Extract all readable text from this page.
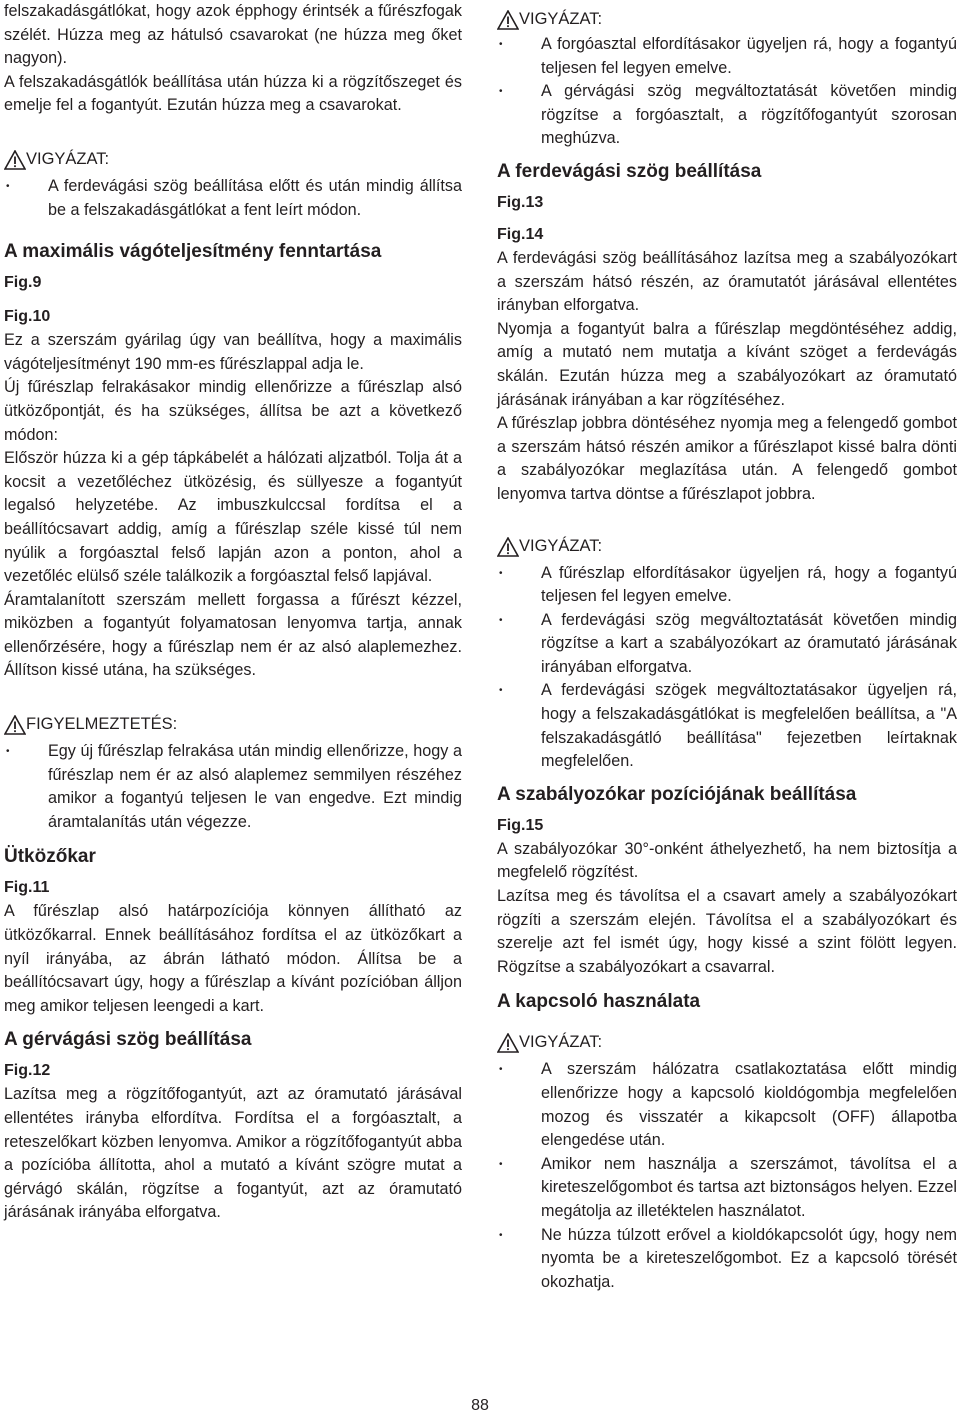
felszakadásgátlókat, hogy azok épphogy érintsék a fűrészfogak szélét. Húzza meg az hátulsó csavarokat (ne húzza meg őket nagyon).

A felszakadásgátlók beállítása után húzza ki a rögzítőszeget és emelje fel a fogantyút. Ezután húzza meg a csavarokat.

VIGYÁZAT:
• A ferdevágási szög beállítása előtt és után mindig állítsa be a felszakadásgátlókat a fent leírt módon.
A maximális vágóteljesítmény fenntartása
Fig.9
Fig.10

Ez a szerszám gyárilag úgy van beállítva, hogy a maximális vágóteljesítményt 190 mm-es fűrészlappal adja le.

Új fűrészlap felrakásakor mindig ellenőrizze a fűrészlap alsó ütközőpontját, és ha szükséges, állítsa be azt a következő módon:

Először húzza ki a gép tápkábelét a hálózati aljzatból. Tolja át a kocsit a vezetőléchez ütközésig, és süllyesze a fogantyút legalsó helyzetébe. Az imbuszkulccsal fordítsa el a beállítócsavart addig, amíg a fűrészlap széle kissé túl nem nyúlik a forgóasztal felső lapján azon a ponton, ahol a vezetőléc elülső széle találkozik a forgóasztal felső lapjával.

Áramtalanított szerszám mellett forgassa a fűrészt kézzel, miközben a fogantyút folyamatosan lenyomva tartja, annak ellenőrzésére, hogy a fűrészlap nem ér az alsó alaplemezhez. Állítson kissé utána, ha szükséges.

FIGYELMEZTETÉS:
• Egy új fűrészlap felrakása után mindig ellenőrizze, hogy a fűrészlap nem ér az alsó alaplemez semmilyen részéhez amikor a fogantyú teljesen le van engedve. Ezt mindig áramtalanítás után végezze.
Ütközőkar
Fig.11

A fűrészlap alsó határpozíciója könnyen állítható az ütközőkarral. Ennek beállításához fordítsa el az ütközőkart a nyíl irányába, az ábrán látható módon. Állítsa be a beállítócsavart úgy, hogy a fűrészlap a kívánt pozícióban álljon meg amikor teljesen leengedi a kart.

A gérvágási szög beállítása
Fig.12

Lazítsa meg a rögzítőfogantyút, azt az óramutató járásával ellentétes irányba elfordítva. Fordítsa el a forgóasztalt, a reteszelőkart közben lenyomva. Amikor a rögzítőfogantyút abba a pozícióba állította, ahol a mutató a kívánt szögre mutat a gérvágó skálán, rögzítse a fogantyút, azt az óramutató járásának irányába elforgatva.

VIGYÁZAT:
• A forgóasztal elfordításakor ügyeljen rá, hogy a fogantyú teljesen fel legyen emelve.
• A gérvágási szög megváltoztatását követően mindig rögzítse a forgóasztalt, a rögzítőfogantyút szorosan meghúzva.
A ferdevágási szög beállítása
Fig.13
Fig.14

A ferdevágási szög beállításához lazítsa meg a szabályozókart a szerszám hátsó részén, az óramutatót járásával ellentétes irányban elforgatva.

Nyomja a fogantyút balra a fűrészlap megdöntéséhez addig, amíg a mutató nem mutatja a kívánt szöget a ferdevágás skálán. Ezután húzza meg a szabályozókart az óramutató járásának irányában a kar rögzítéséhez.

A fűrészlap jobbra döntéséhez nyomja meg a felengedő gombot a szerszám hátsó részén amikor a fűrészlapot kissé balra dönti a szabályozókar meglazítása után. A felengedő gombot lenyomva tartva döntse a fűrészlapot jobbra.

VIGYÁZAT:
• A fűrészlap elfordításakor ügyeljen rá, hogy a fogantyú teljesen fel legyen emelve.
• A ferdevágási szög megváltoztatását követően mindig rögzítse a kart a szabályozókart az óramutató járásának irányában elforgatva.
• A ferdevágási szögek megváltoztatásakor ügyeljen rá, hogy a felszakadásgátlókat is megfelelően beállítsa, a "A felszakadásgátló beállítása" fejezetben leírtaknak megfelelően.
A szabályozókar pozíciójának beállítása
Fig.15

A szabályozókar 30°-onként áthelyezhető, ha nem biztosítja a megfelelő rögzítést.

Lazítsa meg és távolítsa el a csavart amely a szabályozókart rögzíti a szerszám elején. Távolítsa el a szabályozókart és szerelje azt fel ismét úgy, hogy kissé a szint fölött legyen. Rögzítse a szabályozókart a csavarral.

A kapcsoló használata
VIGYÁZAT:
• A szerszám hálózatra csatlakoztatása előtt mindig ellenőrizze hogy a kapcsoló kioldógombja megfelelően mozog és visszatér a kikapcsolt (OFF) állapotba elengedése után.
• Amikor nem használja a szerszámot, távolítsa el a kireteszelőgombot és tartsa azt biztonságos helyen. Ezzel megátolja az illetéktelen használatot.
• Ne húzza túlzott erővel a kioldókapcsolót úgy, hogy nem nyomta be a kireteszelőgombot. Ez a kapcsoló törését okozhatja.
88
